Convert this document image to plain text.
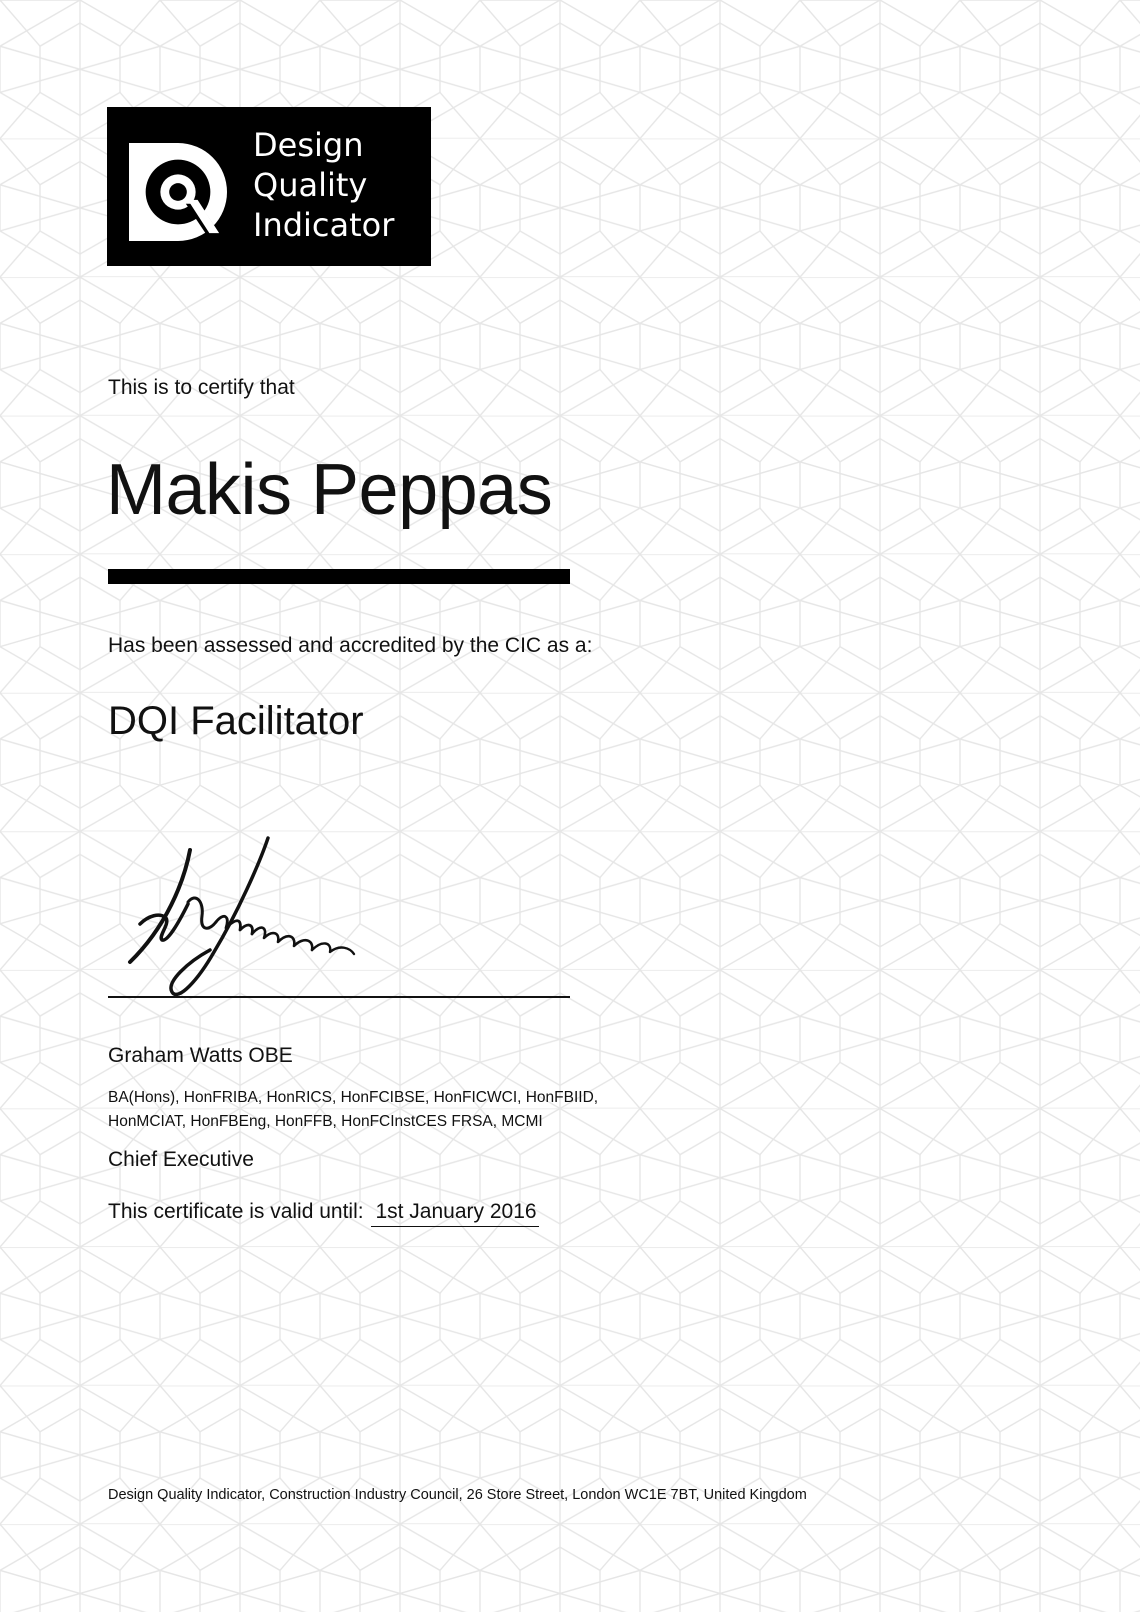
Design
Quality
Indicator
This is to certify that
Makis Peppas
Has been assessed and accredited by the CIC as a:
DQI Facilitator
Graham Watts OBE
BA(Hons), HonFRIBA, HonRICS, HonFCIBSE, HonFICWCI, HonFBIID,
HonMCIAT, HonFBEng, HonFFB, HonFCInstCES FRSA, MCMI
Chief Executive
This certificate is valid until: 1st January 2016
Design Quality Indicator, Construction Industry Council, 26 Store Street, London WC1E 7BT, United Kingdom
